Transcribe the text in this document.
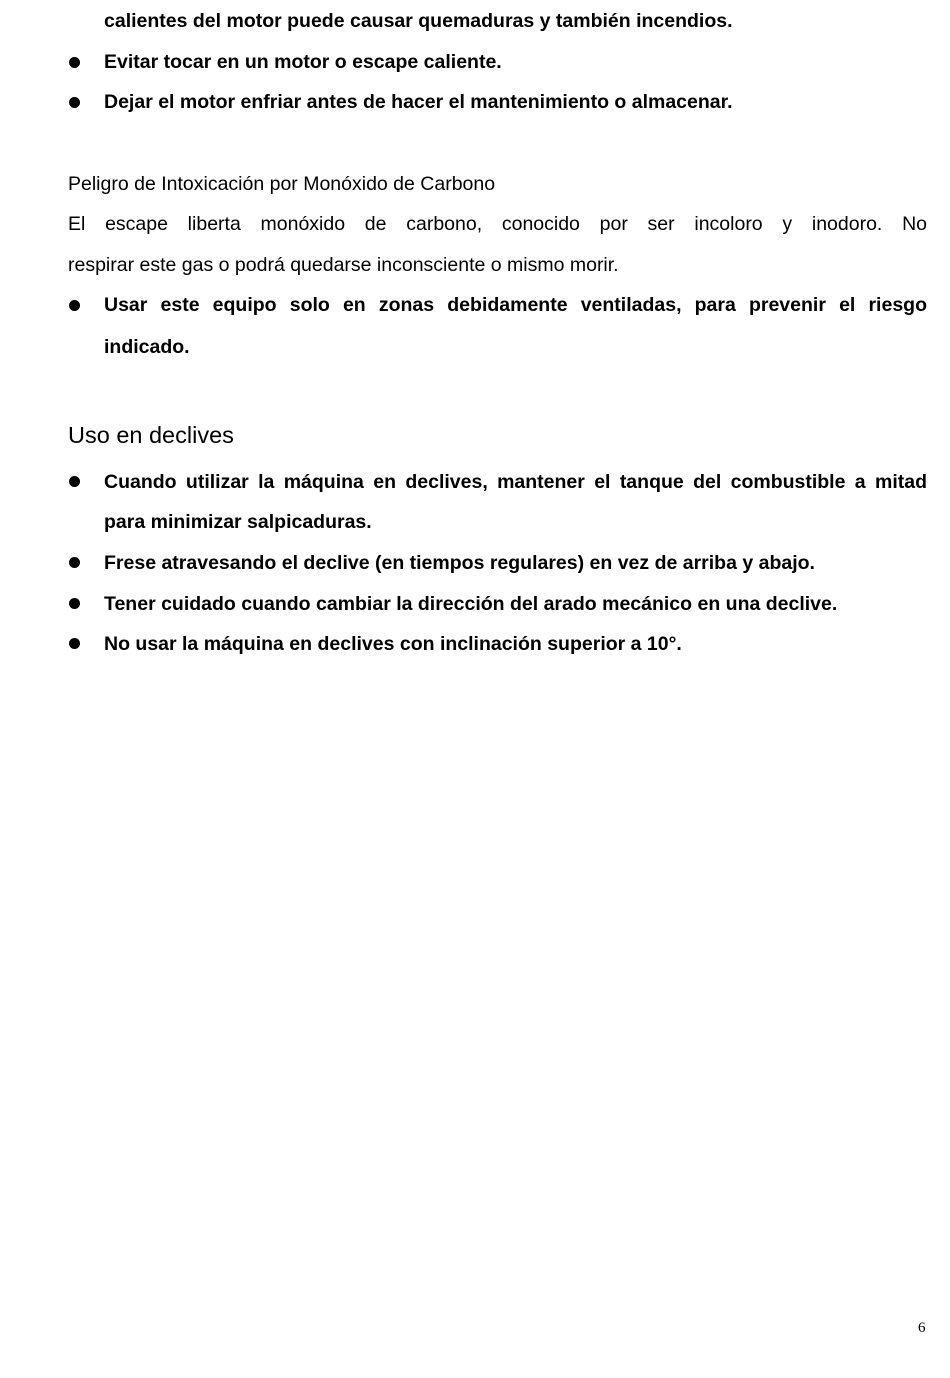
calientes del motor puede causar quemaduras y también incendios.
Evitar tocar en un motor o escape caliente.
Dejar el motor enfriar antes de hacer el mantenimiento o almacenar.
Peligro de Intoxicación por Monóxido de Carbono
El escape liberta monóxido de carbono, conocido por ser incoloro y inodoro. No
respirar este gas o podrá quedarse inconsciente o mismo morir.
Usar este equipo solo en zonas debidamente ventiladas, para prevenir el riesgo
indicado.
Uso en declives
Cuando utilizar la máquina en declives, mantener el tanque del combustible a mitad
para minimizar salpicaduras.
Frese atravesando el declive (en tiempos regulares) en vez de arriba y abajo.
Tener cuidado cuando cambiar la dirección del arado mecánico en una declive.
No usar la máquina en declives con inclinación superior a 10°.
6
